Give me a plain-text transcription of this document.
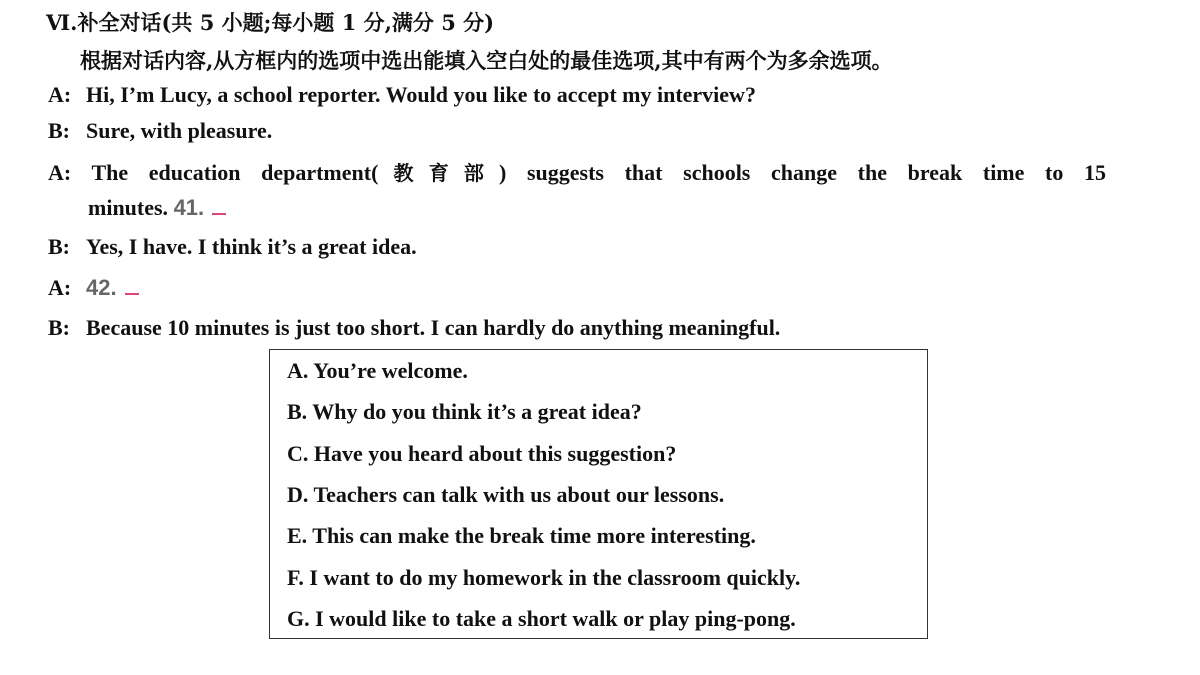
Ⅵ.补全对话(共 5 小题;每小题 1 分,满分 5 分)
根据对话内容,从方框内的选项中选出能填入空白处的最佳选项,其中有两个为多余选项。
A: Hi, I’m Lucy, a school reporter. Would you like to accept my interview?
B: Sure, with pleasure.
A: The education department(教育部) suggests that schools change the break time to 15
minutes. 41.
B: Yes, I have. I think it’s a great idea.
A: 42.
B: Because 10 minutes is just too short. I can hardly do anything meaningful.
A. You’re welcome.
B. Why do you think it’s a great idea?
C. Have you heard about this suggestion?
D. Teachers can talk with us about our lessons.
E. This can make the break time more interesting.
F. I want to do my homework in the classroom quickly.
G. I would like to take a short walk or play ping-pong.
